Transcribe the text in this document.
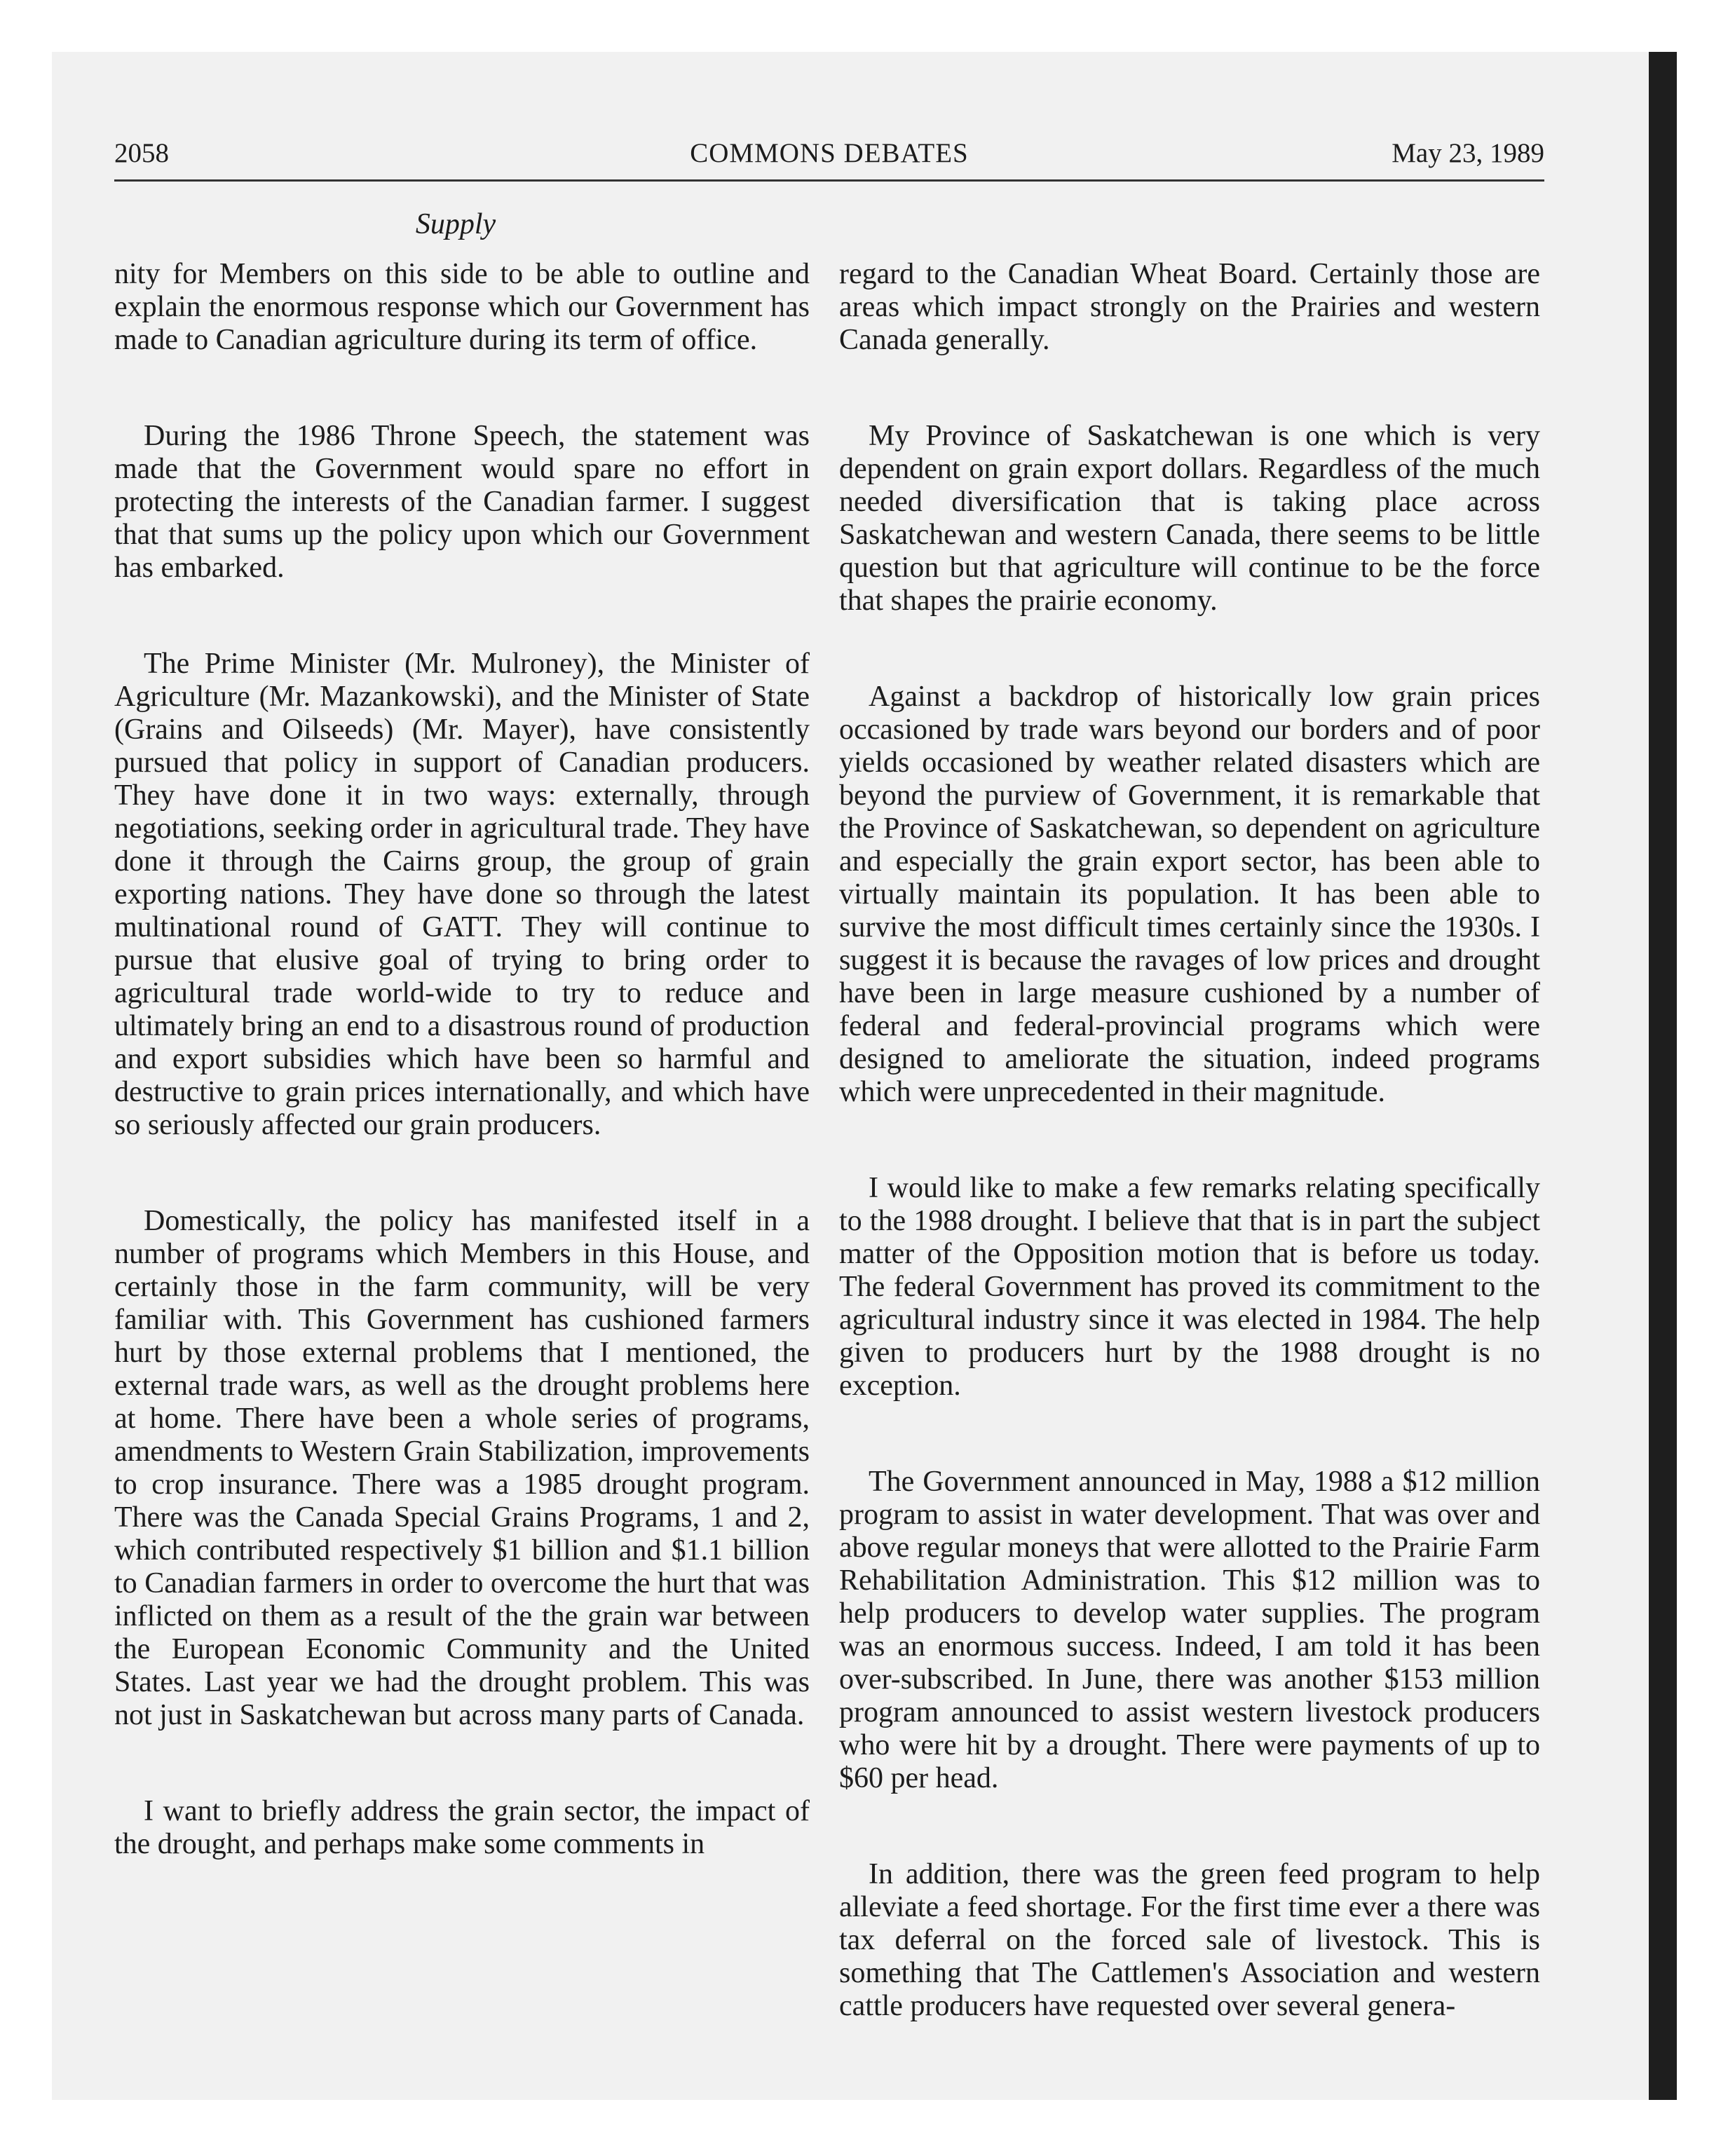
2058	COMMONS DEBATES	May 23, 1989
Supply

nity for Members on this side to be able to outline and explain the enormous response which our Government has made to Canadian agriculture during its term of office.

During the 1986 Throne Speech, the statement was made that the Government would spare no effort in protecting the interests of the Canadian farmer. I suggest that that sums up the policy upon which our Government has embarked.

The Prime Minister (Mr. Mulroney), the Minister of Agriculture (Mr. Mazankowski), and the Minister of State (Grains and Oilseeds) (Mr. Mayer), have consistently pursued that policy in support of Canadian producers. They have done it in two ways: externally, through negotiations, seeking order in agricultural trade. They have done it through the Cairns group, the group of grain exporting nations. They have done so through the latest multinational round of GATT. They will continue to pursue that elusive goal of trying to bring order to agricultural trade world-wide to try to reduce and ultimately bring an end to a disastrous round of production and export subsidies which have been so harmful and destructive to grain prices internationally, and which have so seriously affected our grain producers.

Domestically, the policy has manifested itself in a number of programs which Members in this House, and certainly those in the farm community, will be very familiar with. This Government has cushioned farmers hurt by those external problems that I mentioned, the external trade wars, as well as the drought problems here at home. There have been a whole series of programs, amendments to Western Grain Stabilization, improvements to crop insurance. There was a 1985 drought program. There was the Canada Special Grains Programs, 1 and 2, which contributed respectively $1 billion and $1.1 billion to Canadian farmers in order to overcome the hurt that was inflicted on them as a result of the the grain war between the European Economic Community and the United States. Last year we had the drought problem. This was not just in Saskatchewan but across many parts of Canada.

I want to briefly address the grain sector, the impact of the drought, and perhaps make some comments in

regard to the Canadian Wheat Board. Certainly those are areas which impact strongly on the Prairies and western Canada generally.

My Province of Saskatchewan is one which is very dependent on grain export dollars. Regardless of the much needed diversification that is taking place across Saskatchewan and western Canada, there seems to be little question but that agriculture will continue to be the force that shapes the prairie economy.

Against a backdrop of historically low grain prices occasioned by trade wars beyond our borders and of poor yields occasioned by weather related disasters which are beyond the purview of Government, it is remarkable that the Province of Saskatchewan, so dependent on agriculture and especially the grain export sector, has been able to virtually maintain its population. It has been able to survive the most difficult times certainly since the 1930s. I suggest it is because the ravages of low prices and drought have been in large measure cushioned by a number of federal and federal-provincial programs which were designed to ameliorate the situation, indeed programs which were unprecedented in their magnitude.

I would like to make a few remarks relating specifically to the 1988 drought. I believe that that is in part the subject matter of the Opposition motion that is before us today. The federal Government has proved its commitment to the agricultural industry since it was elected in 1984. The help given to producers hurt by the 1988 drought is no exception.

The Government announced in May, 1988 a $12 million program to assist in water development. That was over and above regular moneys that were allotted to the Prairie Farm Rehabilitation Administration. This $12 million was to help producers to develop water supplies. The program was an enormous success. Indeed, I am told it has been over-subscribed. In June, there was another $153 million program announced to assist western livestock producers who were hit by a drought. There were payments of up to $60 per head.

In addition, there was the green feed program to help alleviate a feed shortage. For the first time ever a there was tax deferral on the forced sale of livestock. This is something that The Cattlemen's Association and western cattle producers have requested over several genera-
